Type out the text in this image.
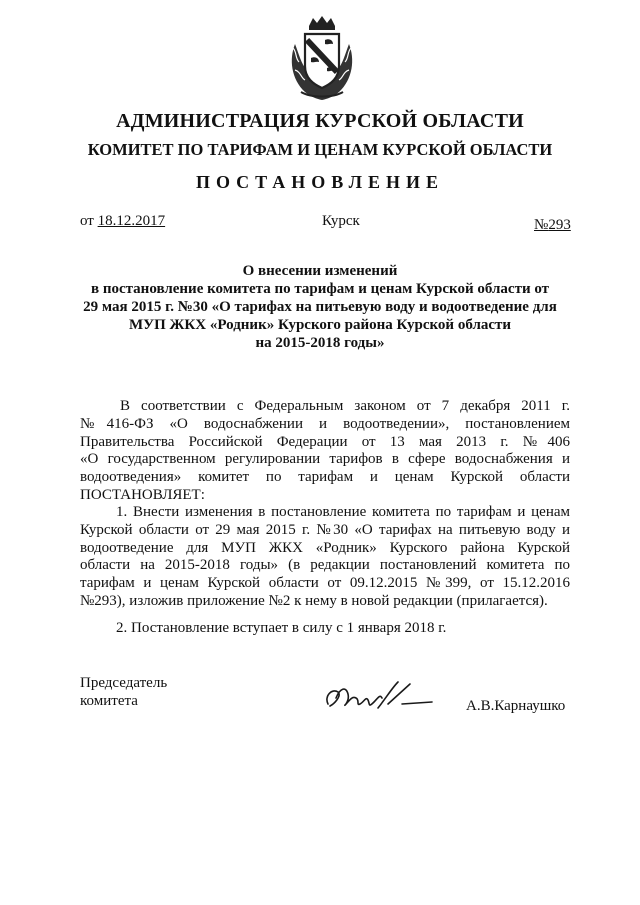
АДМИНИСТРАЦИЯ КУРСКОЙ ОБЛАСТИ
КОМИТЕТ ПО ТАРИФАМ И ЦЕНАМ КУРСКОЙ ОБЛАСТИ
ПОСТАНОВЛЕНИЕ
от 18.12.2017	Курск	№293
О внесении изменений
в постановление комитета по тарифам и ценам Курской области от
29 мая 2015 г. №30 «О тарифах на питьевую воду и водоотведение для
МУП ЖКХ «Родник» Курского района Курской области
на 2015-2018 годы»
В соответствии с Федеральным законом от 7 декабря 2011 г.
№416-ФЗ «О водоснабжении и водоотведении», постановлением
Правительства Российской Федерации от 13 мая 2013 г. №406
«О государственном регулировании тарифов в сфере водоснабжения и
водоотведения» комитет по тарифам и ценам Курской области
ПОСТАНОВЛЯЕТ:
1. Внести изменения в постановление комитета по тарифам и ценам
Курской области от 29 мая 2015 г. №30 «О тарифах на питьевую воду и
водоотведение для МУП ЖКХ «Родник» Курского района Курской
области на 2015-2018 годы» (в редакции постановлений комитета по
тарифам и ценам Курской области от 09.12.2015 №399, от 15.12.2016
№293), изложив приложение №2 к нему в новой редакции (прилагается).
2. Постановление вступает в силу с 1 января 2018 г.
Председатель
комитета	А.В.Карнаушко
